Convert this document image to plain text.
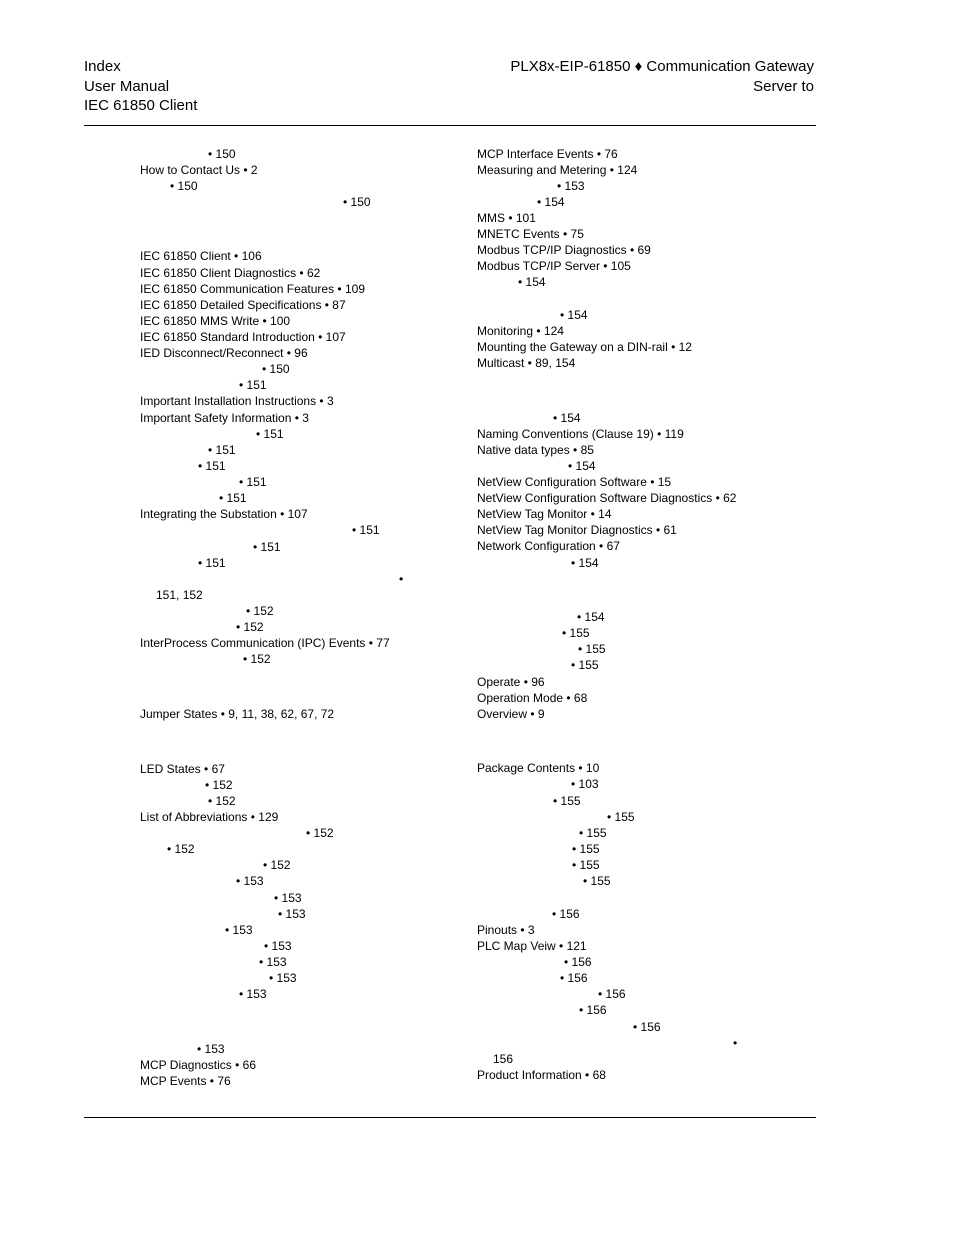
Index
User Manual
IEC 61850 Client
PLX8x-EIP-61850 ♦ Communication Gateway
Server to
• 150
How to Contact Us • 2
• 150
• 150
IEC 61850 Client • 106
IEC 61850 Client Diagnostics • 62
IEC 61850 Communication Features • 109
IEC 61850 Detailed Specifications • 87
IEC 61850 MMS Write • 100
IEC 61850 Standard Introduction • 107
IED Disconnect/Reconnect • 96
• 150
• 151
Important Installation Instructions • 3
Important Safety Information • 3
• 151
• 151
• 151
• 151
• 151
Integrating the Substation • 107
• 151
• 151
• 151
•
151, 152
• 152
• 152
InterProcess Communication (IPC) Events • 77
• 152
Jumper States • 9, 11, 38, 62, 67, 72
LED States • 67
• 152
• 152
List of Abbreviations • 129
• 152
• 152
• 152
• 153
• 153
• 153
• 153
• 153
• 153
• 153
• 153
• 153
MCP Diagnostics • 66
MCP Events • 76
MCP Interface Events • 76
Measuring and Metering • 124
• 153
• 154
MMS • 101
MNETC Events • 75
Modbus TCP/IP Diagnostics • 69
Modbus TCP/IP Server • 105
• 154
• 154
Monitoring • 124
Mounting the Gateway on a DIN-rail • 12
Multicast • 89, 154
• 154
Naming Conventions (Clause 19) • 119
Native data types • 85
• 154
NetView Configuration Software • 15
NetView Configuration Software Diagnostics • 62
NetView Tag Monitor • 14
NetView Tag Monitor Diagnostics • 61
Network Configuration • 67
• 154
• 154
• 155
• 155
• 155
Operate • 96
Operation Mode • 68
Overview • 9
Package Contents • 10
• 103
• 155
• 155
• 155
• 155
• 155
• 155
• 156
Pinouts • 3
PLC Map Veiw • 121
• 156
• 156
• 156
• 156
• 156
•
156
Product Information • 68
